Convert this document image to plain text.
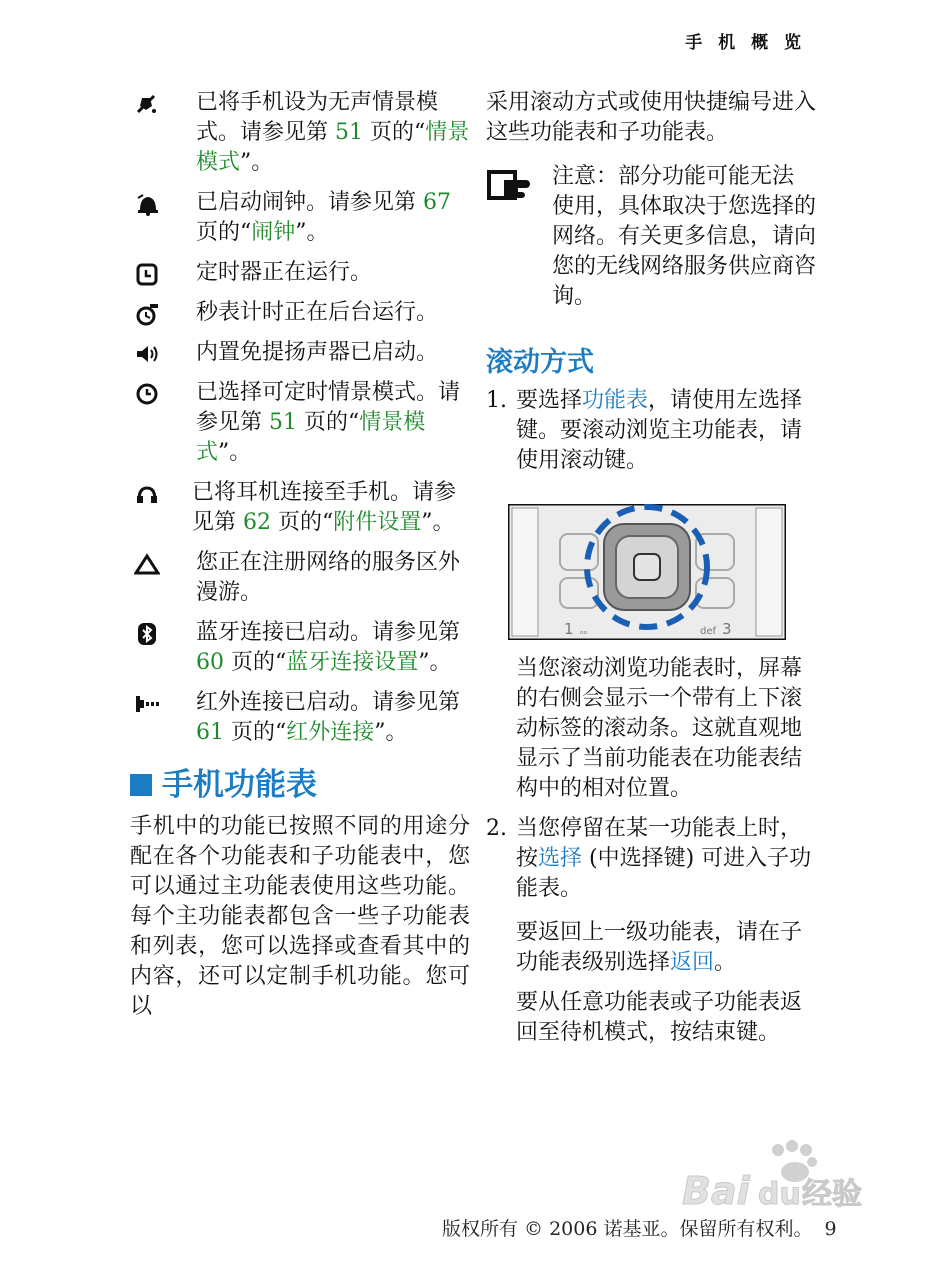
手 机 概 览
已将手机设为无声情景模式。请参见第 51 页的“情景模式”。
已启动闹钟。请参见第 67 页的“闹钟”。
定时器正在运行。
秒表计时正在后台运行。
内置免提扬声器已启动。
已选择可定时情景模式。请参见第 51 页的“情景模式”。
已将耳机连接至手机。请参见第 62 页的“附件设置”。
您正在注册网络的服务区外漫游。
蓝牙连接已启动。请参见第 60 页的“蓝牙连接设置”。
红外连接已启动。请参见第 61 页的“红外连接”。
手机功能表
手机中的功能已按照不同的用途分配在各个功能表和子功能表中，您可以通过主功能表使用这些功能。每个主功能表都包含一些子功能表和列表，您可以选择或查看其中的内容，还可以定制手机功能。您可以
采用滚动方式或使用快捷编号进入这些功能表和子功能表。
注意：部分功能可能无法使用，具体取决于您选择的网络。有关更多信息，请向您的无线网络服务供应商咨询。
滚动方式
1. 要选择功能表，请使用左选择键。要滚动浏览主功能表，请使用滚动键。
1 ₒₒ	def 3

当您滚动浏览功能表时，屏幕的右侧会显示一个带有上下滚动标签的滚动条。这就直观地显示了当前功能表在功能表结构中的相对位置。

2. 当您停留在某一功能表上时，按选择 (中选择键) 可进入子功能表。

要返回上一级功能表，请在子功能表级别选择返回。

要从任意功能表或子功能表返回至待机模式，按结束键。

版权所有 © 2006 诺基亚。保留所有权利。 9
Bai du 经验
